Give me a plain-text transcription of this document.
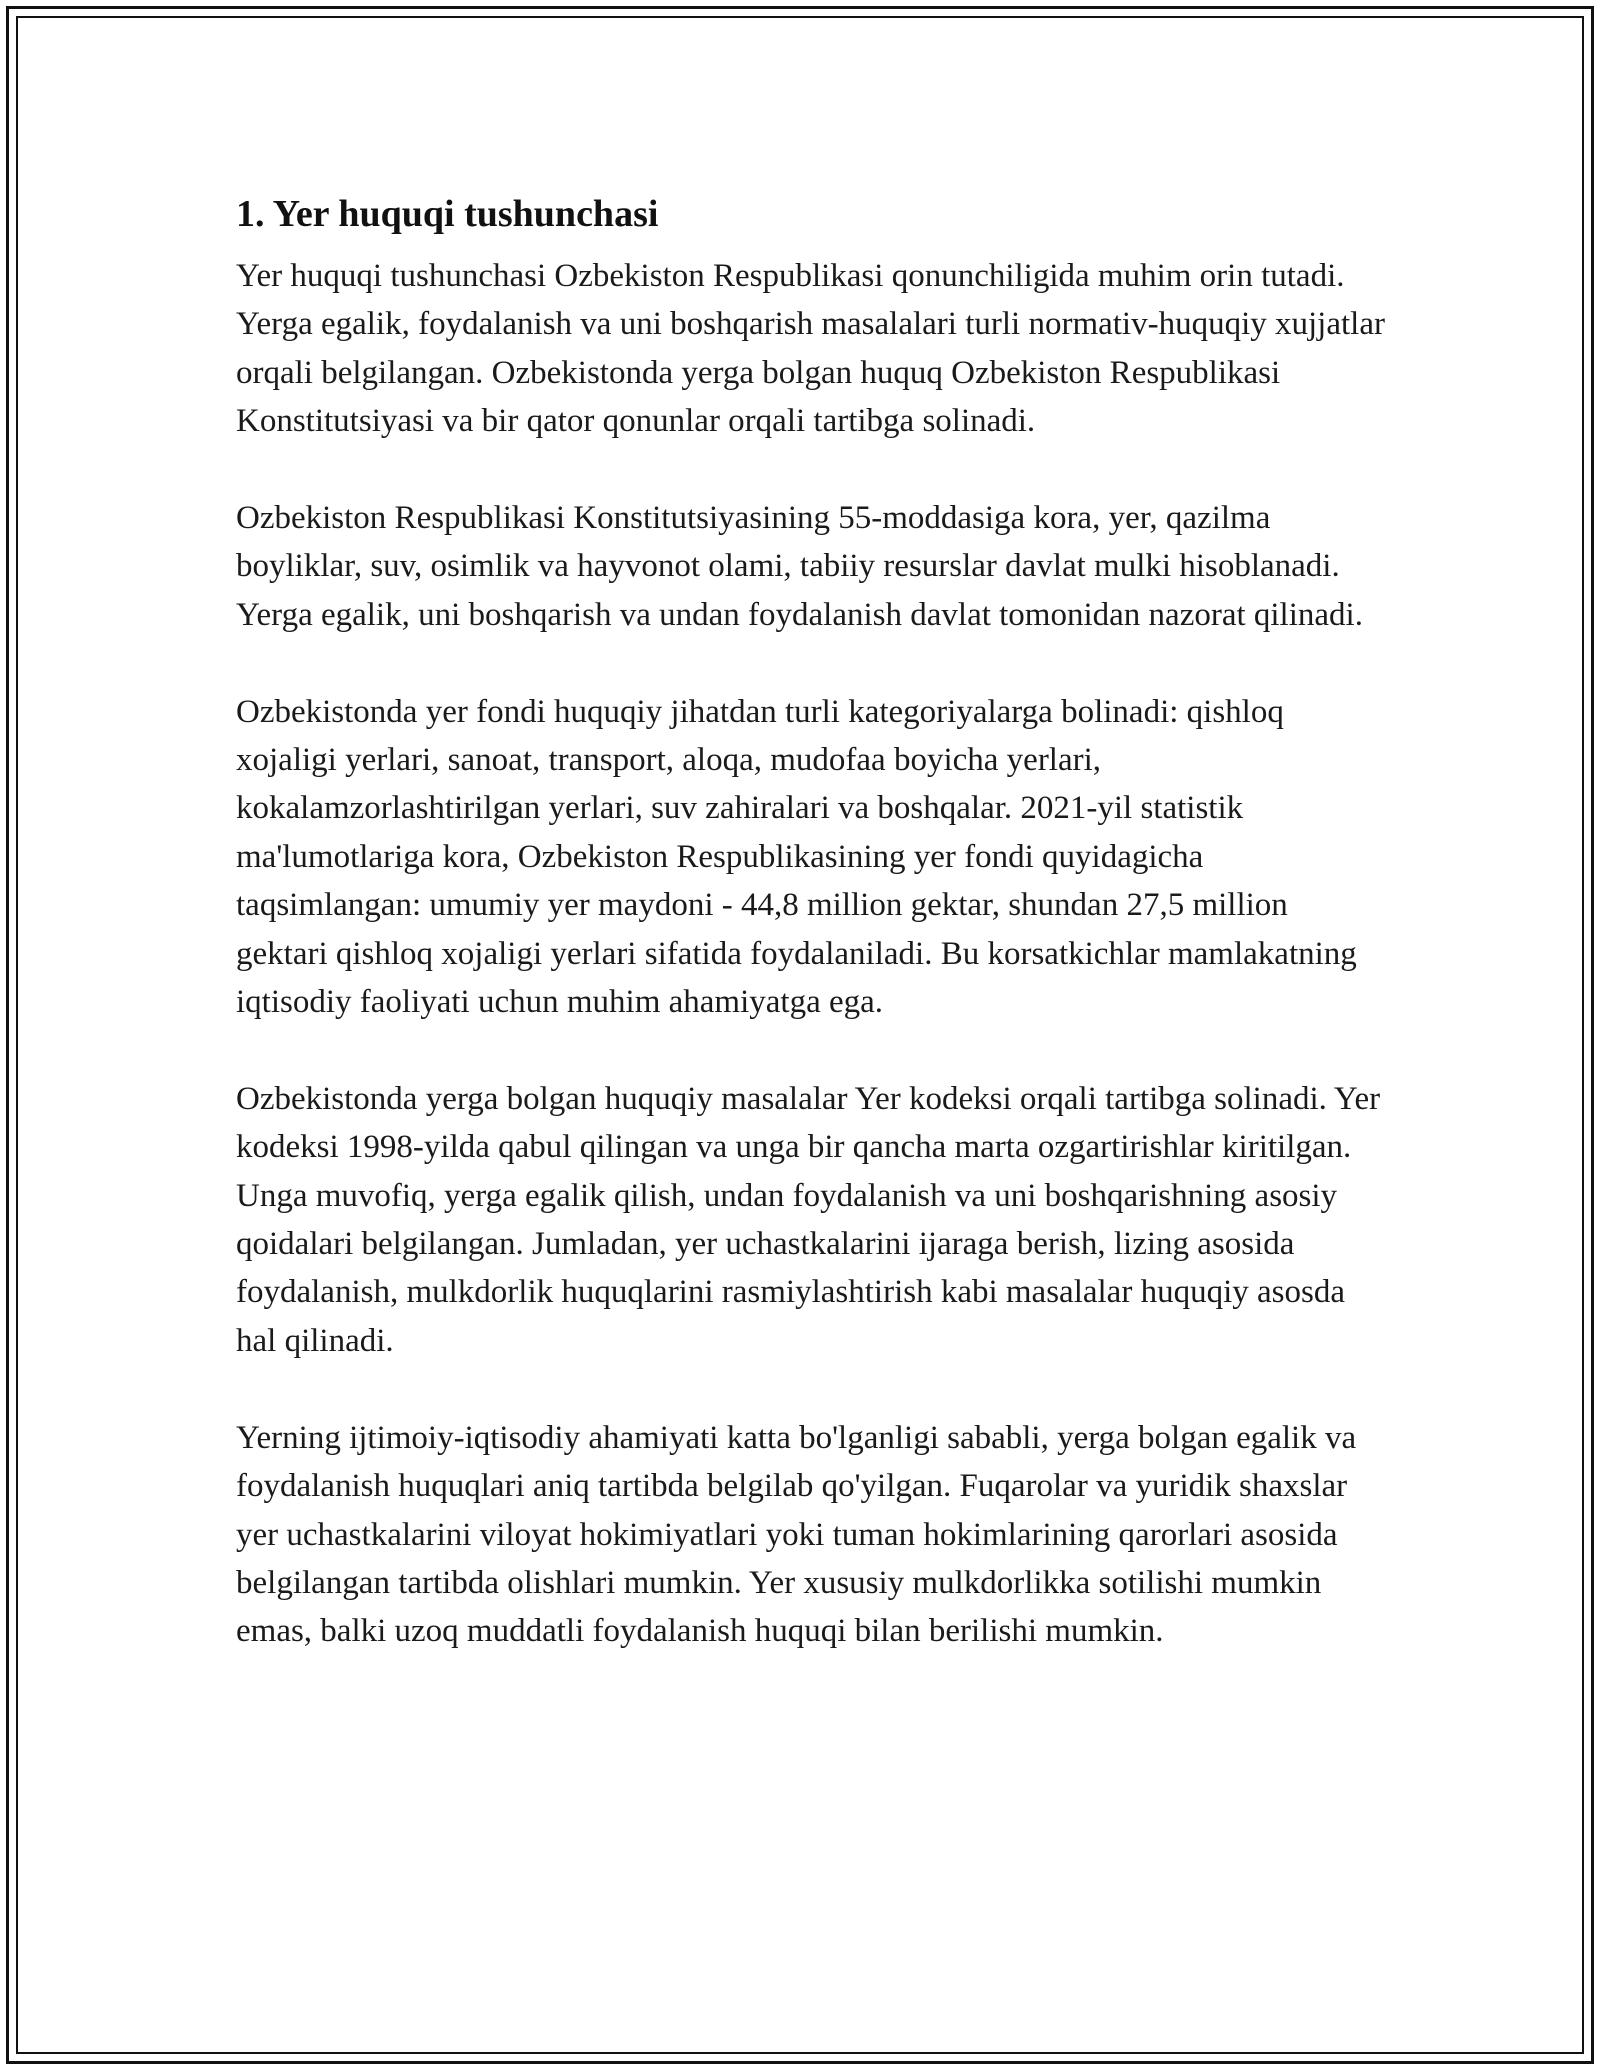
1. Yer huquqi tushunchasi

Yer huquqi tushunchasi Ozbekiston Respublikasi qonunchiligida muhim orin tutadi. Yerga egalik, foydalanish va uni boshqarish masalalari turli normativ-huquqiy xujjatlar orqali belgilangan. Ozbekistonda yerga bolgan huquq Ozbekiston Respublikasi Konstitutsiyasi va bir qator qonunlar orqali tartibga solinadi.

Ozbekiston Respublikasi Konstitutsiyasining 55-moddasiga kora, yer, qazilma boyliklar, suv, osimlik va hayvonot olami, tabiiy resurslar davlat mulki hisoblanadi. Yerga egalik, uni boshqarish va undan foydalanish davlat tomonidan nazorat qilinadi.

Ozbekistonda yer fondi huquqiy jihatdan turli kategoriyalarga bolinadi: qishloq xojaligi yerlari, sanoat, transport, aloqa, mudofaa boyicha yerlari, kokalamzorlashtirilgan yerlari, suv zahiralari va boshqalar. 2021-yil statistik ma'lumotlariga kora, Ozbekiston Respublikasining yer fondi quyidagicha taqsimlangan: umumiy yer maydoni - 44,8 million gektar, shundan 27,5 million gektari qishloq xojaligi yerlari sifatida foydalaniladi. Bu korsatkichlar mamlakatning iqtisodiy faoliyati uchun muhim ahamiyatga ega.

Ozbekistonda yerga bolgan huquqiy masalalar Yer kodeksi orqali tartibga solinadi. Yer kodeksi 1998-yilda qabul qilingan va unga bir qancha marta ozgartirishlar kiritilgan. Unga muvofiq, yerga egalik qilish, undan foydalanish va uni boshqarishning asosiy qoidalari belgilangan. Jumladan, yer uchastkalarini ijaraga berish, lizing asosida foydalanish, mulkdorlik huquqlarini rasmiylashtirish kabi masalalar huquqiy asosda hal qilinadi.

Yerning ijtimoiy-iqtisodiy ahamiyati katta bo'lganligi sababli, yerga bolgan egalik va foydalanish huquqlari aniq tartibda belgilab qo'yilgan. Fuqarolar va yuridik shaxslar yer uchastkalarini viloyat hokimiyatlari yoki tuman hokimlarining qarorlari asosida belgilangan tartibda olishlari mumkin. Yer xususiy mulkdorlikka sotilishi mumkin emas, balki uzoq muddatli foydalanish huquqi bilan berilishi mumkin.
